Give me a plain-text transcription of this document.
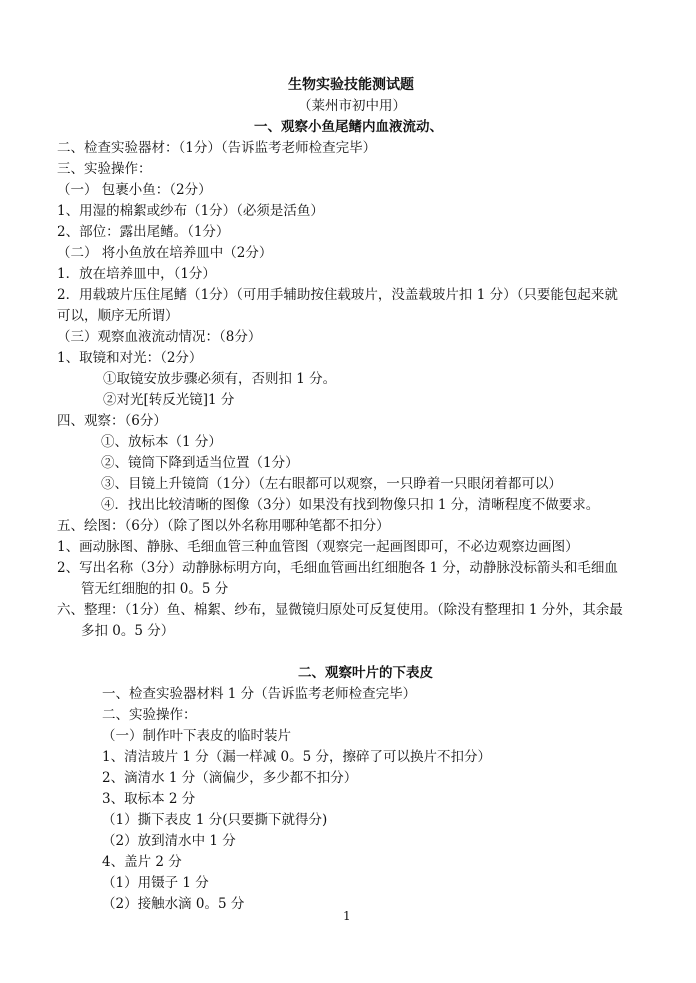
生物实验技能测试题
（莱州市初中用）
一、观察小鱼尾鳍内血液流动、
二、检查实验器材：（1分）（告诉监考老师检查完毕）
三、实验操作：
（一） 包裹小鱼：（2分）
1、用湿的棉絮或纱布（1分）（必须是活鱼）
2、部位：露出尾鳍。（1分）
（二） 将小鱼放在培养皿中（2分）
1．放在培养皿中，（1分）
2．用载玻片压住尾鳍（1分）（可用手辅助按住载玻片，没盖载玻片扣 1 分）（只要能包起来就
可以，顺序无所谓）
（三）观察血液流动情况：（8分）
1、取镜和对光：（2分）
①取镜安放步骤必须有，否则扣 1 分。
②对光[转反光镜]1 分
四、观察：（6分）
①、放标本（1 分）
②、镜筒下降到适当位置（1分）
③、目镜上升镜筒（1分）（左右眼都可以观察，一只睁着一只眼闭着都可以）
④．找出比较清晰的图像（3分）如果没有找到物像只扣 1 分，清晰程度不做要求。
五、绘图：（6分）（除了图以外名称用哪种笔都不扣分）
1、画动脉图、静脉、毛细血管三种血管图（观察完一起画图即可，不必边观察边画图）
2、写出名称（3分）动静脉标明方向，毛细血管画出红细胞各 1 分，动静脉没标箭头和毛细血
管无红细胞的扣 0。5 分
六、整理：（1分）鱼、棉絮、纱布，显微镜归原处可反复使用。（除没有整理扣 1 分外，其余最
多扣 0。5 分）
二、观察叶片的下表皮
一、检查实验器材料 1 分（告诉监考老师检查完毕）
二、实验操作：
（一）制作叶下表皮的临时装片
1、清洁玻片 1 分（漏一样减 0。5 分，擦碎了可以换片不扣分）
2、滴清水 1 分（滴偏少，多少都不扣分）
3、取标本 2 分
（1）撕下表皮 1 分(只要撕下就得分)
（2）放到清水中 1 分
4、盖片 2 分
（1）用镊子 1 分
（2）接触水滴 0。5 分
1
